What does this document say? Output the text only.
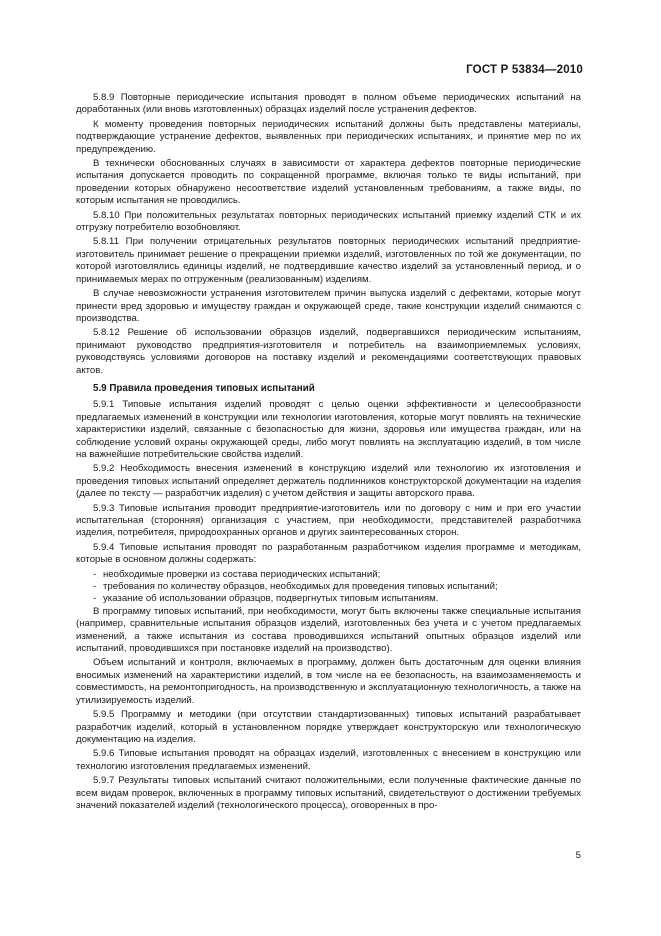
ГОСТ Р 53834—2010

5.8.9 Повторные периодические испытания проводят в полном объеме периодических испытаний на доработанных (или вновь изготовленных) образцах изделий после устранения дефектов.

К моменту проведения повторных периодических испытаний должны быть представлены материалы, подтверждающие устранение дефектов, выявленных при периодических испытаниях, и принятие мер по их предупреждению.

В технически обоснованных случаях в зависимости от характера дефектов повторные периодические испытания допускается проводить по сокращенной программе, включая только те виды испытаний, при проведении которых обнаружено несоответствие изделий установленным требованиям, а также виды, по которым испытания не проводились.

5.8.10 При положительных результатах повторных периодических испытаний приемку изделий СТК и их отгрузку потребителю возобновляют.

5.8.11 При получении отрицательных результатов повторных периодических испытаний предприятие-изготовитель принимает решение о прекращении приемки изделий, изготовленных по той же документации, по которой изготовлялись единицы изделий, не подтвердившие качество изделий за установленный период, и о принимаемых мерах по отгруженным (реализованным) изделиям.

В случае невозможности устранения изготовителем причин выпуска изделий с дефектами, которые могут принести вред здоровью и имуществу граждан и окружающей среде, такие конструкции изделий снимаются с производства.

5.8.12 Решение об использовании образцов изделий, подвергавшихся периодическим испытаниям, принимают руководство предприятия-изготовителя и потребитель на взаимоприемлемых условиях, руководствуясь условиями договоров на поставку изделий и рекомендациями соответствующих правовых актов.

5.9 Правила проведения типовых испытаний

5.9.1 Типовые испытания изделий проводят с целью оценки эффективности и целесообразности предлагаемых изменений в конструкции или технологии изготовления, которые могут повлиять на технические характеристики изделий, связанные с безопасностью для жизни, здоровья или имущества граждан, или на соблюдение условий охраны окружающей среды, либо могут повлиять на эксплуатацию изделий, в том числе на важнейшие потребительские свойства изделий.

5.9.2 Необходимость внесения изменений в конструкцию изделий или технологию их изготовления и проведения типовых испытаний определяет держатель подлинников конструкторской документации на изделия (далее по тексту — разработчик изделия) с учетом действия и защиты авторского права.

5.9.3 Типовые испытания проводит предприятие-изготовитель или по договору с ним и при его участии испытательная (сторонняя) организация с участием, при необходимости, представителей разработчика изделия, потребителя, природоохранных органов и других заинтересованных сторон.

5.9.4 Типовые испытания проводят по разработанным разработчиком изделия программе и методикам, которые в основном должны содержать:

- необходимые проверки из состава периодических испытаний;
- требования по количеству образцов, необходимых для проведения типовых испытаний;
- указание об использовании образцов, подвергнутых типовым испытаниям.

В программу типовых испытаний, при необходимости, могут быть включены также специальные испытания (например, сравнительные испытания образцов изделий, изготовленных без учета и с учетом предлагаемых изменений, а также испытания из состава проводившихся испытаний опытных образцов изделий или испытаний, проводившихся при постановке изделий на производство).

Объем испытаний и контроля, включаемых в программу, должен быть достаточным для оценки влияния вносимых изменений на характеристики изделий, в том числе на ее безопасность, на взаимозаменяемость и совместимость, на ремонтопригодность, на производственную и эксплуатационную технологичность, а также на утилизируемость изделий.

5.9.5 Программу и методики (при отсутствии стандартизованных) типовых испытаний разрабатывает разработчик изделий, который в установленном порядке утверждает конструкторскую или технологическую документацию на изделия.

5.9.6 Типовые испытания проводят на образцах изделий, изготовленных с внесением в конструкцию или технологию изготовления предлагаемых изменений.

5.9.7 Результаты типовых испытаний считают положительными, если полученные фактические данные по всем видам проверок, включенных в программу типовых испытаний, свидетельствуют о достижении требуемых значений показателей изделий (технологического процесса), оговоренных в про-

5
